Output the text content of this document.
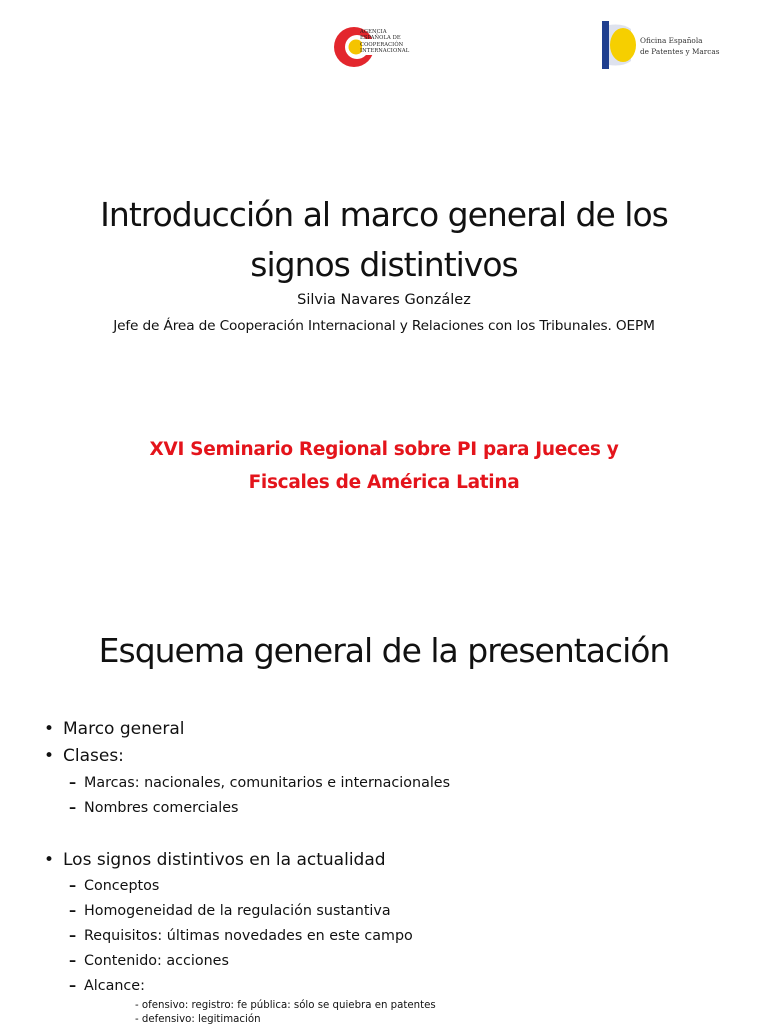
AGENCIA
ESPAÑOLA DE
COOPERACIÓN
INTERNACIONAL
Oficina Española
de Patentes y Marcas
Introducción al marco general de los
signos distintivos
Silvia Navares González
Jefe de Área de Cooperación Internacional y Relaciones con los Tribunales. OEPM
XVI Seminario Regional sobre PI para Jueces y
Fiscales de América Latina
Esquema general de la presentación
• Marco general
• Clases:
– Marcas: nacionales, comunitarios e internacionales
– Nombres comerciales
• Los signos distintivos en la actualidad
– Conceptos
– Homogeneidad de la regulación sustantiva
– Requisitos: últimas novedades en este campo
– Contenido: acciones
– Alcance:
- ofensivo: registro: fe pública: sólo se quiebra en patentes
- defensivo: legitimación
